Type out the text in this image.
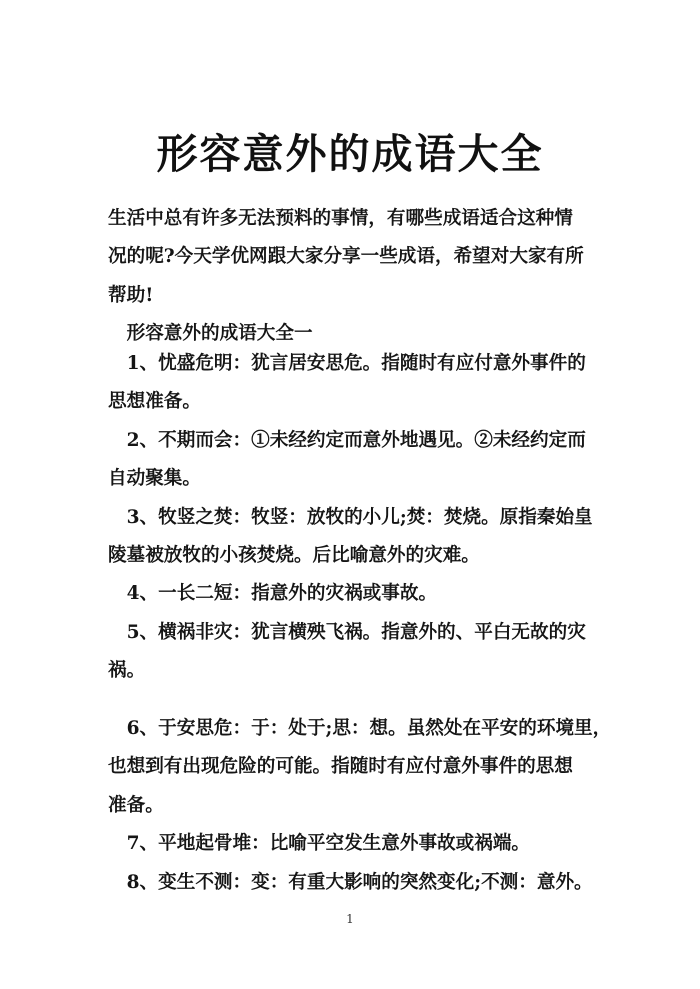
形容意外的成语大全
生活中总有许多无法预料的事情，有哪些成语适合这种情
况的呢?今天学优网跟大家分享一些成语，希望对大家有所
帮助!
　形容意外的成语大全一
　1、忧盛危明：犹言居安思危。指随时有应付意外事件的
思想准备。
　2、不期而会：①未经约定而意外地遇见。②未经约定而
自动聚集。
　3、牧竖之焚：牧竖：放牧的小儿;焚：焚烧。原指秦始皇
陵墓被放牧的小孩焚烧。后比喻意外的灾难。
　4、一长二短：指意外的灾祸或事故。
　5、横祸非灾：犹言横殃飞祸。指意外的、平白无故的灾
祸。
　6、于安思危：于：处于;思：想。虽然处在平安的环境里，
也想到有出现危险的可能。指随时有应付意外事件的思想
准备。
　7、平地起骨堆：比喻平空发生意外事故或祸端。
　8、变生不测：变：有重大影响的突然变化;不测：意外。
1
